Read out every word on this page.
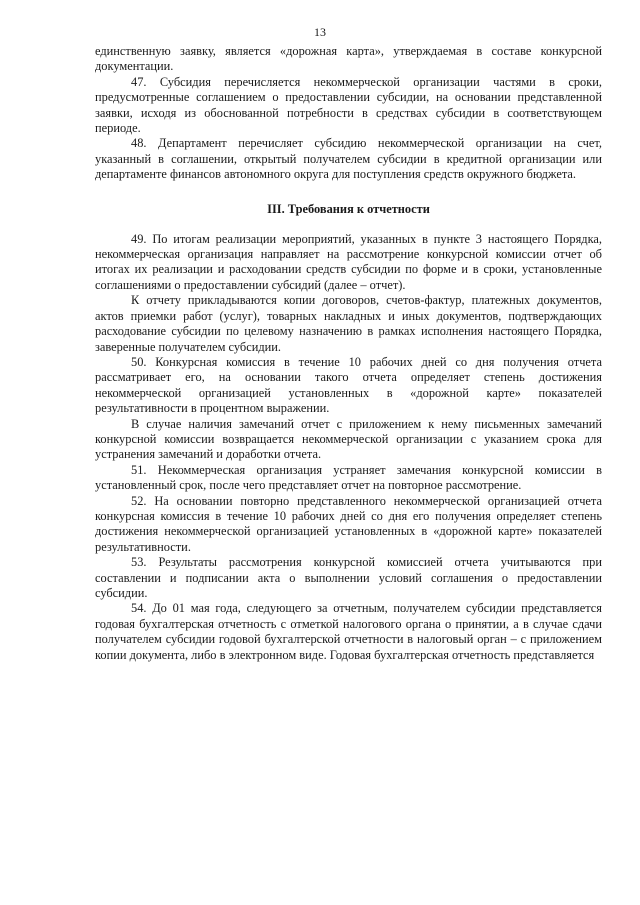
13

единственную заявку, является «дорожная карта», утверждаемая в составе конкурсной документации.

47. Субсидия перечисляется некоммерческой организации частями в сроки, предусмотренные соглашением о предоставлении субсидии, на основании представленной заявки, исходя из обоснованной потребности в средствах субсидии в соответствующем периоде.

48. Департамент перечисляет субсидию некоммерческой организации на счет, указанный в соглашении, открытый получателем субсидии в кредитной организации или департаменте финансов автономного округа для поступления средств окружного бюджета.

III. Требования к отчетности

49. По итогам реализации мероприятий, указанных в пункте 3 настоящего Порядка, некоммерческая организация направляет на рассмотрение конкурсной комиссии отчет об итогах их реализации и расходовании средств субсидии по форме и в сроки, установленные соглашениями о предоставлении субсидий (далее – отчет).

К отчету прикладываются копии договоров, счетов-фактур, платежных документов, актов приемки работ (услуг), товарных накладных и иных документов, подтверждающих расходование субсидии по целевому назначению в рамках исполнения настоящего Порядка, заверенные получателем субсидии.

50. Конкурсная комиссия в течение 10 рабочих дней со дня получения отчета рассматривает его, на основании такого отчета определяет степень достижения некоммерческой организацией установленных в «дорожной карте» показателей результативности в процентном выражении.

В случае наличия замечаний отчет с приложением к нему письменных замечаний конкурсной комиссии возвращается некоммерческой организации с указанием срока для устранения замечаний и доработки отчета.

51. Некоммерческая организация устраняет замечания конкурсной комиссии в установленный срок, после чего представляет отчет на повторное рассмотрение.

52. На основании повторно представленного некоммерческой организацией отчета конкурсная комиссия в течение 10 рабочих дней со дня его получения определяет степень достижения некоммерческой организацией установленных в «дорожной карте» показателей результативности.

53. Результаты рассмотрения конкурсной комиссией отчета учитываются при составлении и подписании акта о выполнении условий соглашения о предоставлении субсидии.

54. До 01 мая года, следующего за отчетным, получателем субсидии представляется годовая бухгалтерская отчетность с отметкой налогового органа о принятии, а в случае сдачи получателем субсидии годовой бухгалтерской отчетности в налоговый орган – с приложением копии документа, либо в электронном виде. Годовая бухгалтерская отчетность представляется
